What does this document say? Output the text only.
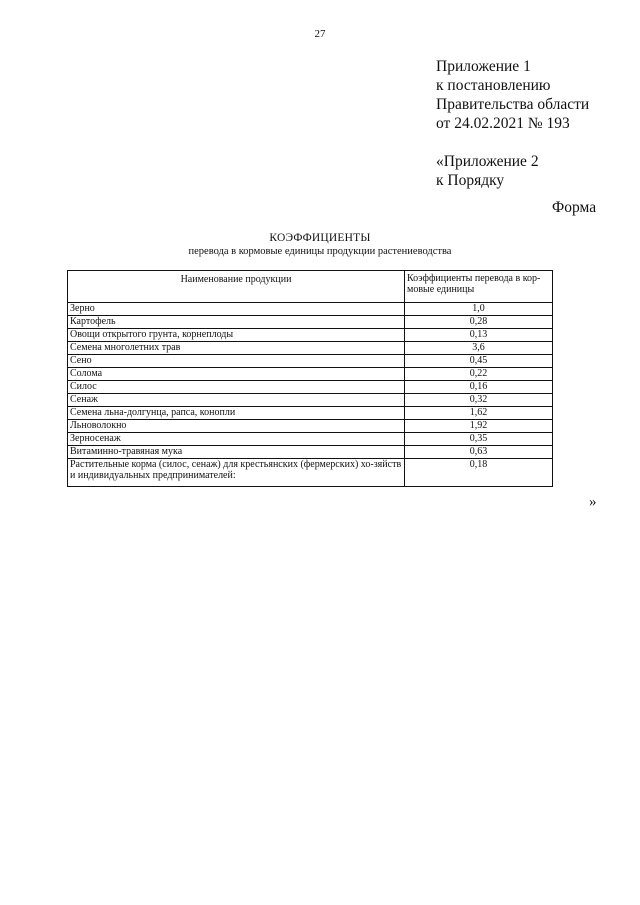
27
Приложение 1
к постановлению
Правительства области
от 24.02.2021 № 193
«Приложение 2
к Порядку
Форма
КОЭФФИЦИЕНТЫ
перевода в кормовые единицы продукции растениеводства
Наименование продукции	Коэффициенты перевода в кор-мовые единицы
Зерно	1,0
Картофель	0,28
Овощи открытого грунта, корнеплоды	0,13
Семена многолетних трав	3,6
Сено	0,45
Солома	0,22
Силос	0,16
Сенаж	0,32
Семена льна-долгунца, рапса, конопли	1,62
Льноволокно	1,92
Зерносенаж	0,35
Витаминно-травяная мука	0,63
Растительные корма (силос, сенаж) для крестьянских (фермерских) хо-зяйств и индивидуальных предпринимателей:	0,18
»
